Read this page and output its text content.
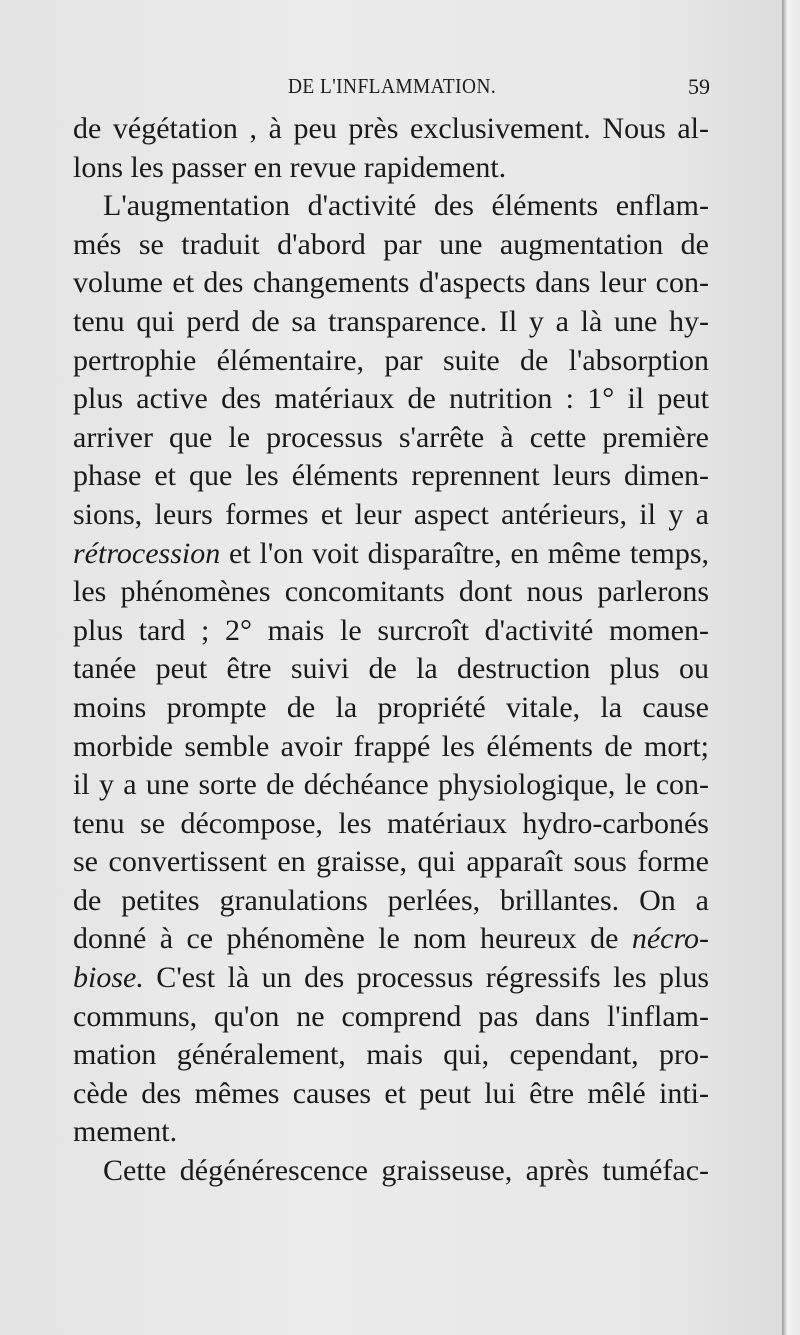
DE L'INFLAMMATION.	59
de végétation , à peu près exclusivement. Nous al-
lons les passer en revue rapidement.
L'augmentation d'activité des éléments enflam-
més se traduit d'abord par une augmentation de
volume et des changements d'aspects dans leur con-
tenu qui perd de sa transparence. Il y a là une hy-
pertrophie élémentaire, par suite de l'absorption
plus active des matériaux de nutrition : 1° il peut
arriver que le processus s'arrête à cette première
phase et que les éléments reprennent leurs dimen-
sions, leurs formes et leur aspect antérieurs, il y a
rétrocession et l'on voit disparaître, en même temps,
les phénomènes concomitants dont nous parlerons
plus tard ; 2° mais le surcroît d'activité momen-
tanée peut être suivi de la destruction plus ou
moins prompte de la propriété vitale, la cause
morbide semble avoir frappé les éléments de mort;
il y a une sorte de déchéance physiologique, le con-
tenu se décompose, les matériaux hydro-carbonés
se convertissent en graisse, qui apparaît sous forme
de petites granulations perlées, brillantes. On a
donné à ce phénomène le nom heureux de nécro-
biose. C'est là un des processus régressifs les plus
communs, qu'on ne comprend pas dans l'inflam-
mation généralement, mais qui, cependant, pro-
cède des mêmes causes et peut lui être mêlé inti-
mement.
Cette dégénérescence graisseuse, après tuméfac-
